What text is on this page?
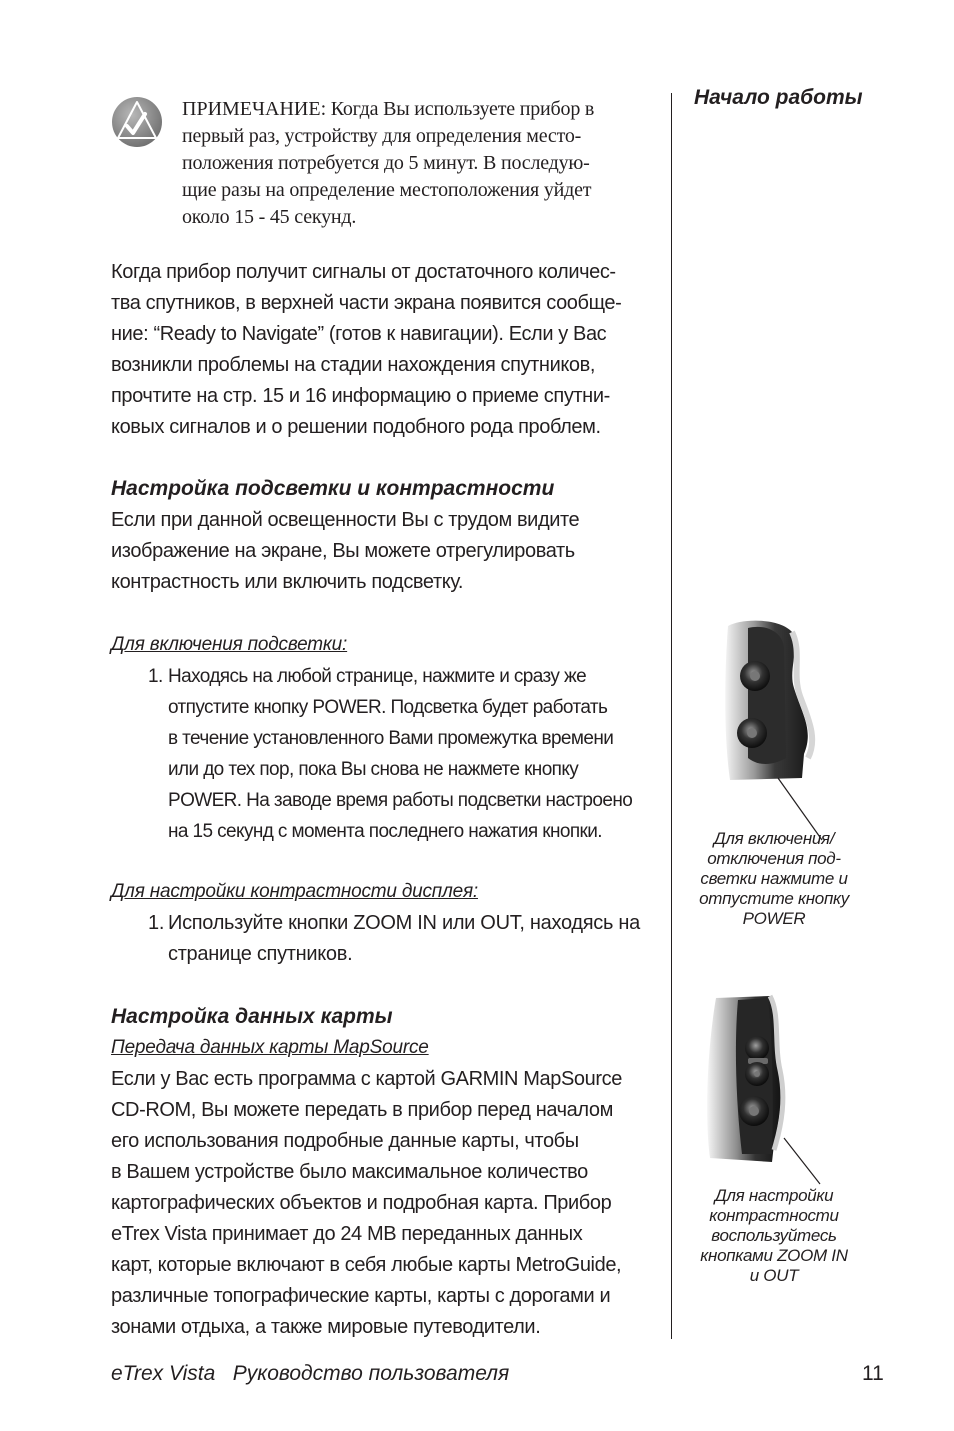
ПРИМЕЧАНИЕ: Когда Вы используете прибор в
первый раз, устройству для определения место-
положения потребуется до 5 минут. В последую-
щие разы на определение местоположения уйдет
около 15 - 45 секунд.
Когда прибор получит сигналы от достаточного количес-
тва спутников, в верхней части экрана появится сообще-
ние: “Ready to Navigate” (готов к навигации). Если у Вас
возникли проблемы на стадии нахождения спутников,
прочтите на стр. 15 и 16 информацию о приеме спутни-
ковых сигналов и о решении подобного рода проблем.
Настройка подсветки и контрастности
Если при данной освещенности Вы с трудом видите
изображение на экране, Вы можете отрегулировать
контрастность или включить подсветку.
Для включения подсветки:
1. Находясь на любой странице, нажмите и сразу же
отпустите кнопку POWER. Подсветка будет работать
в течение установленного Вами промежутка времени
или до тех пор, пока Вы снова не нажмете кнопку
POWER. На заводе время работы подсветки настроено
на 15 секунд с момента последнего нажатия кнопки.
Для настройки контрастности дисплея:
1. Используйте кнопки ZOOM IN или OUT, находясь на
странице спутников.
Настройка данных карты
Передача данных карты MapSource
Если у Вас есть программа с картой GARMIN MapSource
CD-ROM, Вы можете передать в прибор перед началом
его использования подробные данные карты, чтобы
в Вашем устройстве было максимальное количество
картографических объектов и подробная карта. Прибор
eTrex Vista принимает до 24 MB переданных данных
карт, которые включают в себя любые карты MetroGuide,
различные топографические карты, карты с дорогами и
зонами отдыха, а также мировые путеводители.
Начало работы
Для включения/
отключения под-
светки нажмите и
отпустите кнопку
POWER
Для настройки
контрастности
воспользуйтесь
кнопками ZOOM IN
и OUT
eTrex Vista   Руководство пользователя	11
